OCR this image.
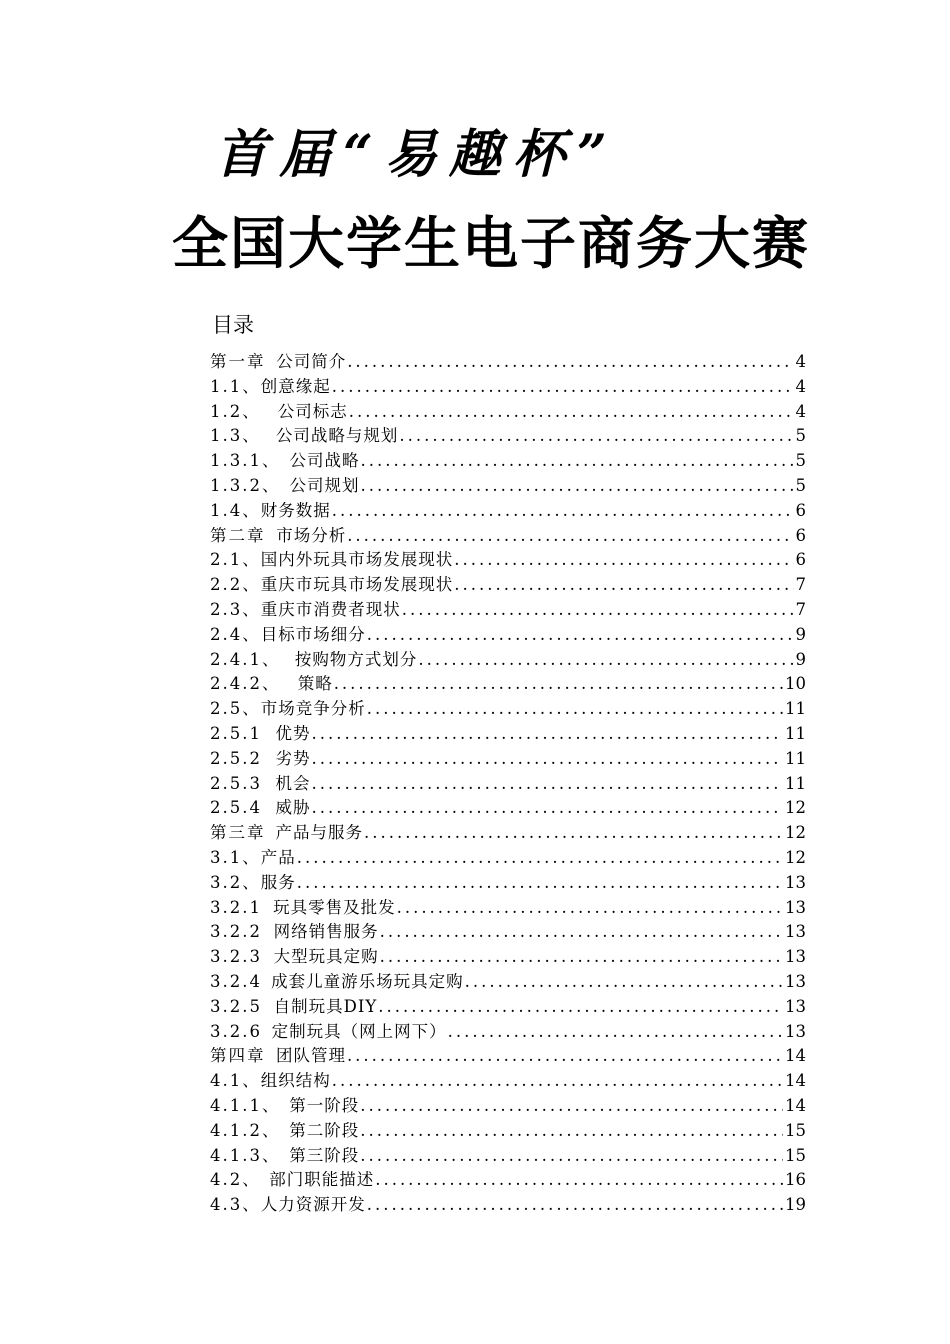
首届“易趣杯”
全国大学生电子商务大赛
目录
第一章 公司简介 .....	4
1.1、 创意缘起 .....	4
1.2、 公司标志 .....	4
1.3、 公司战略与规划 .....	5
1.3.1、 公司战略 .....	5
1.3.2、 公司规划 .....	5
1.4、 财务数据 .....	6
第二章 市场分析 .....	6
2.1、 国内外玩具市场发展现状 .....	6
2.2、 重庆市玩具市场发展现状 .....	7
2.3、 重庆市消费者现状 .....	7
2.4、 目标市场细分 .....	9
2.4.1、 按购物方式划分 .....	9
2.4.2、 策略 .....	10
2.5、 市场竞争分析 .....	11
2.5.1 优势 .....	11
2.5.2 劣势 .....	11
2.5.3 机会 .....	11
2.5.4 威胁 .....	12
第三章 产品与服务 .....	12
3.1、 产品 .....	12
3.2、 服务 .....	13
3.2.1 玩具零售及批发 .....	13
3.2.2 网络销售服务 .....	13
3.2.3 大型玩具定购 .....	13
3.2.4 成套儿童游乐场玩具定购 .....	13
3.2.5 自制玩具DIY .....	13
3.2.6 定制玩具（网上网下） .....	13
第四章 团队管理 .....	14
4.1、 组织结构 .....	14
4.1.1、 第一阶段 .....	14
4.1.2、 第二阶段 .....	15
4.1.3、 第三阶段 .....	15
4.2、 部门职能描述 .....	16
4.3、 人力资源开发 .....	19
